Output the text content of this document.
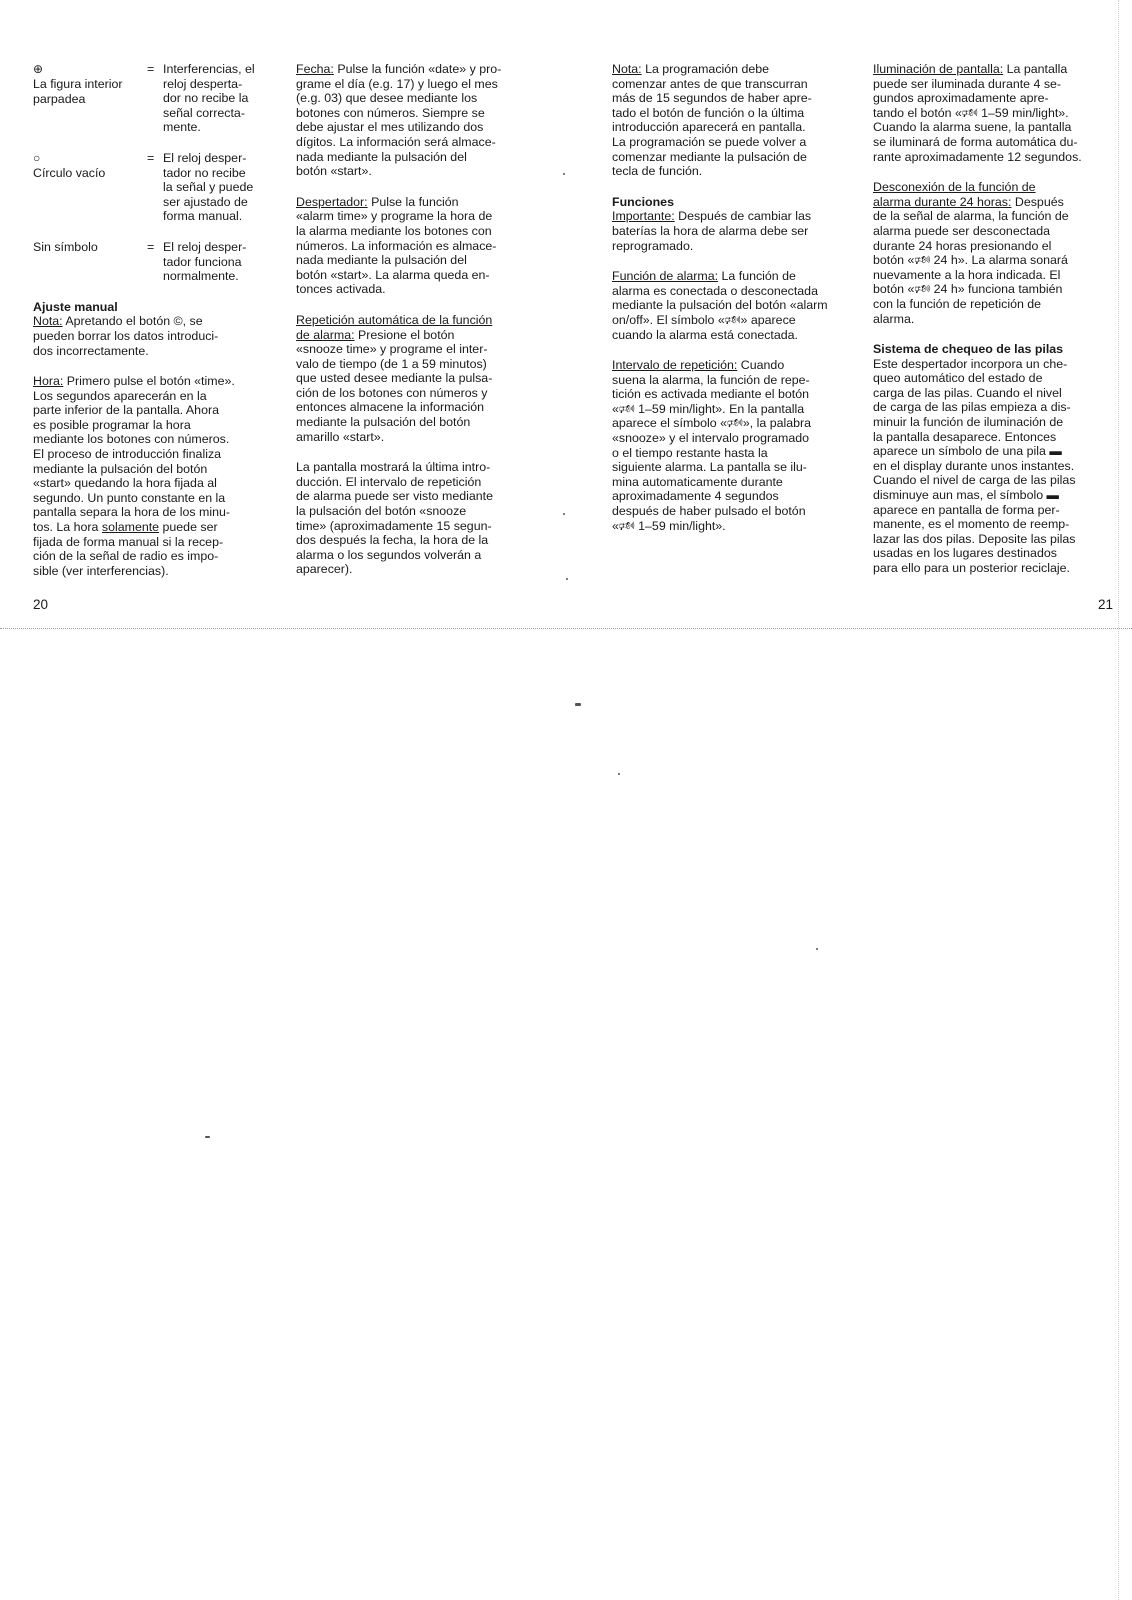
⊕
La figura interior
parpadea
= Interferencias, el
reloj desperta-
dor no recibe la
señal correcta-
mente.
○
Círculo vacío
= El reloj desper-
tador no recibe
la señal y puede
ser ajustado de
forma manual.
Sin símbolo	= El reloj desper-
tador funciona
normalmente.

Ajuste manual
Nota: Apretando el botón ©, se
pueden borrar los datos introduci-
dos incorrectamente.

Hora: Primero pulse el botón «time».
Los segundos aparecerán en la
parte inferior de la pantalla. Ahora
es posible programar la hora
mediante los botones con números.
El proceso de introducción finaliza
mediante la pulsación del botón
«start» quedando la hora fijada al
segundo. Un punto constante en la
pantalla separa la hora de los minu-
tos. La hora solamente puede ser
fijada de forma manual si la recep-
ción de la señal de radio es impo-
sible (ver interferencias).

Fecha: Pulse la función «date» y pro-
grame el día (e.g. 17) y luego el mes
(e.g. 03) que desee mediante los
botones con números. Siempre se
debe ajustar el mes utilizando dos
dígitos. La información será almace-
nada mediante la pulsación del
botón «start».

Despertador: Pulse la función
«alarm time» y programe la hora de
la alarma mediante los botones con
números. La información es almace-
nada mediante la pulsación del
botón «start». La alarma queda en-
tonces activada.

Repetición automática de la función
de alarma: Presione el botón
«snooze time» y programe el inter-
valo de tiempo (de 1 a 59 minutos)
que usted desee mediante la pulsa-
ción de los botones con números y
entonces almacene la información
mediante la pulsación del botón
amarillo «start».

La pantalla mostrará la última intro-
ducción. El intervalo de repetición
de alarma puede ser visto mediante
la pulsación del botón «snooze
time» (aproximadamente 15 segun-
dos después la fecha, la hora de la
alarma o los segundos volverán a
aparecer).

Nota: La programación debe
comenzar antes de que transcurran
más de 15 segundos de haber apre-
tado el botón de función o la última
introducción aparecerá en pantalla.
La programación se puede volver a
comenzar mediante la pulsación de
tecla de función.

Funciones
Importante: Después de cambiar las
baterías la hora de alarma debe ser
reprogramado.

Función de alarma: La función de
alarma es conectada o desconectada
mediante la pulsación del botón «alarm
on/off». El símbolo «🕬» aparece
cuando la alarma está conectada.

Intervalo de repetición: Cuando
suena la alarma, la función de repe-
tición es activada mediante el botón
«🕬 1–59 min/light». En la pantalla
aparece el símbolo «🕬», la palabra
«snooze» y el intervalo programado
o el tiempo restante hasta la
siguiente alarma. La pantalla se ilu-
mina automaticamente durante
aproximadamente 4 segundos
después de haber pulsado el botón
«🕬 1–59 min/light».

Iluminación de pantalla: La pantalla
puede ser iluminada durante 4 se-
gundos aproximadamente apre-
tando el botón «🕬 1–59 min/light».
Cuando la alarma suene, la pantalla
se iluminará de forma automática du-
rante aproximadamente 12 segundos.

Desconexión de la función de
alarma durante 24 horas: Después
de la señal de alarma, la función de
alarma puede ser desconectada
durante 24 horas presionando el
botón «🕬 24 h». La alarma sonará
nuevamente a la hora indicada. El
botón «🕬 24 h» funciona también
con la función de repetición de
alarma.

Sistema de chequeo de las pilas
Este despertador incorpora un che-
queo automático del estado de
carga de las pilas. Cuando el nivel
de carga de las pilas empieza a dis-
minuir la función de iluminación de
la pantalla desaparece. Entonces
aparece un símbolo de una pila ▬
en el display durante unos instantes.
Cuando el nivel de carga de las pilas
disminuye aun mas, el símbolo ▬
aparece en pantalla de forma per-
manente, es el momento de reemp-
lazar las dos pilas. Deposite las pilas
usadas en los lugares destinados
para ello para un posterior reciclaje.

20	21
